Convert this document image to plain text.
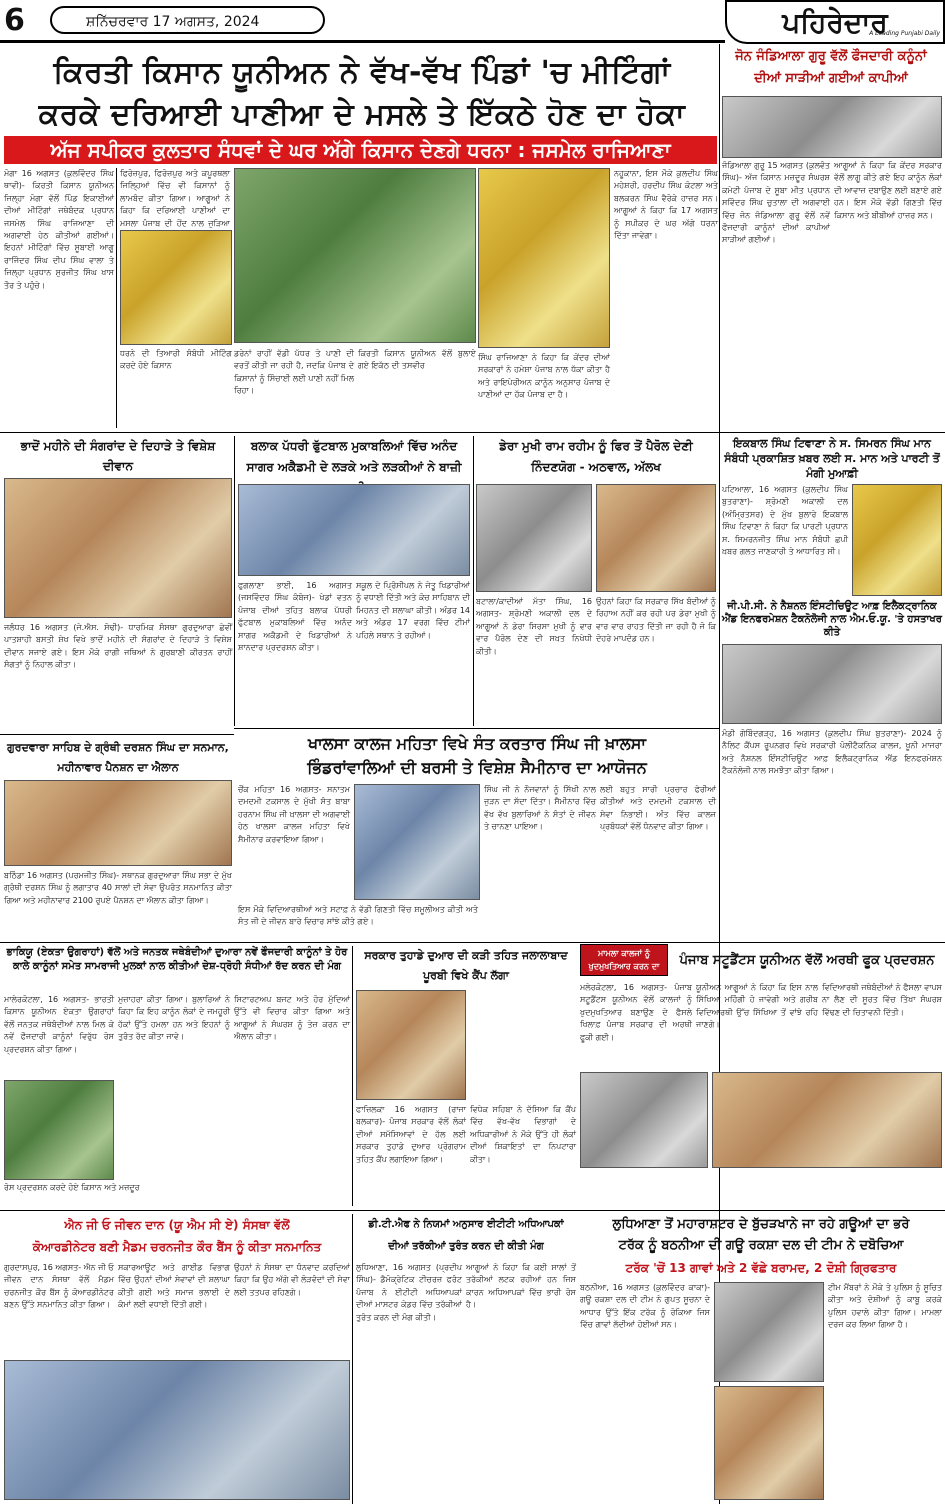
6	ਸ਼ਨਿੱਚਰਵਾਰ 17 ਅਗਸਤ, 2024	ਪਹਿਰੇਦਾਰ
A Leading Punjabi Daily
ਕਿਰਤੀ ਕਿਸਾਨ ਯੂਨੀਅਨ ਨੇ ਵੱਖ-ਵੱਖ ਪਿੰਡਾਂ 'ਚ ਮੀਟਿੰਗਾਂ
ਕਰਕੇ ਦਰਿਆਈ ਪਾਣੀਆ ਦੇ ਮਸਲੇ ਤੇ ਇੱਕਠੇ ਹੋਣ ਦਾ ਹੋਕਾ
ਅੱਜ ਸਪੀਕਰ ਕੁਲਤਾਰ ਸੰਧਵਾਂ ਦੇ ਘਰ ਅੱਗੇ ਕਿਸਾਨ ਦੇਣਗੇ ਧਰਨਾ : ਜਸਮੇਲ ਰਾਜਿਆਣਾ
ਮੋਗਾ 16 ਅਗਸਤ (ਕੁਲਵਿੰਦਰ ਸਿੰਘ ਥਾਵੀ)- ਕਿਰਤੀ ਕਿਸਾਨ ਯੂਨੀਅਨ ਜਿਲ੍ਹਾ ਮੋਗਾ ਵੱਲੋਂ ਪਿੰਡ ਇਕਾਈਆਂ ਦੀਆਂ ਮੀਟਿੰਗਾਂ ਜਥੇਬੰਦਕ ਪ੍ਰਧਾਨ ਜਸਮੇਲ ਸਿੰਘ ਰਾਜਿਆਣਾ ਦੀ ਅਗਵਾਈ ਹੇਠ ਕੀਤੀਆਂ ਗਈਆਂ। ਇਹਨਾਂ ਮੀਟਿੰਗਾਂ ਵਿੱਚ ਸੂਬਾਈ ਆਗੂ ਰਾਜਿੰਦਰ ਸਿੰਘ ਦੀਪ ਸਿੰਘ ਵਾਲਾ ਤੇ ਜਿਲ੍ਹਾ ਪ੍ਰਧਾਨ ਸੁਰਜੀਤ ਸਿੰਘ ਖਾਸ ਤੌਰ ਤੇ ਪਹੁੰਚੇ।
ਫਿਰੋਜ਼ਪੁਰ, ਫਿਰੋਜ਼ਪੁਰ ਅਤੇ ਕਪੂਰਥਲਾ ਜਿਲ੍ਹਿਆਂ ਵਿੱਚ ਵੀ ਕਿਸਾਨਾਂ ਨੂੰ ਲਾਮਬੰਦ ਕੀਤਾ ਗਿਆ। ਆਗੂਆਂ ਨੇ ਕਿਹਾ ਕਿ ਦਰਿਆਈ ਪਾਣੀਆਂ ਦਾ ਮਸਲਾ ਪੰਜਾਬ ਦੀ ਹੋਂਦ ਨਾਲ ਜੁੜਿਆ
ਧਰਨੇ ਦੀ ਤਿਆਰੀ ਸੰਬੰਧੀ ਮੀਟਿੰਗ ਕਰਦੇ ਹੋਏ ਕਿਸਾਨ
ਡਰੇਨਾਂ ਰਾਹੀਂ ਵੱਡੀ ਪੱਧਰ ਤੇ ਪਾਣੀ ਦੀ ਵਰਤੋਂ ਕੀਤੀ ਜਾ ਰਹੀ ਹੈ, ਜਦਕਿ ਪੰਜਾਬ ਦੇ ਕਿਸਾਨਾਂ ਨੂੰ ਸਿੰਚਾਈ ਲਈ ਪਾਣੀ ਨਹੀਂ ਮਿਲ ਰਿਹਾ।
ਕਿਰਤੀ ਕਿਸਾਨ ਯੂਨੀਅਨ ਵੱਲੋਂ ਬੁਲਾਏ ਗਏ ਇਕੱਠ ਦੀ ਤਸਵੀਰ
ਸਿੰਘ ਰਾਜਿਆਣਾ ਨੇ ਕਿਹਾ ਕਿ ਕੇਂਦਰ ਦੀਆਂ ਸਰਕਾਰਾਂ ਨੇ ਹਮੇਸ਼ਾ ਪੰਜਾਬ ਨਾਲ ਧੱਕਾ ਕੀਤਾ ਹੈ ਅਤੇ ਰਾਇਪੇਰੀਅਨ ਕਾਨੂੰਨ ਅਨੁਸਾਰ ਪੰਜਾਬ ਦੇ ਪਾਣੀਆਂ ਦਾ ਹੱਕ ਪੰਜਾਬ ਦਾ ਹੈ।
ਨਹੂਕਾਨਾ, ਇਸ ਮੌਕੇ ਕੁਲਦੀਪ ਸਿੰਘ ਮਹੇਸ਼ਰੀ, ਹਰਦੀਪ ਸਿੰਘ ਕੋਟਲਾ ਅਤੇ ਬਲਕਰਨ ਸਿੰਘ ਵੈਰੋਕੇ ਹਾਜ਼ਰ ਸਨ। ਆਗੂਆਂ ਨੇ ਕਿਹਾ ਕਿ 17 ਅਗਸਤ ਨੂੰ ਸਪੀਕਰ ਦੇ ਘਰ ਅੱਗੇ ਧਰਨਾ ਦਿੱਤਾ ਜਾਵੇਗਾ।
ਜੋਨ ਜੰਡਿਆਲਾ ਗੁਰੂ ਵੱਲੋਂ ਫੌਜਦਾਰੀ ਕਨੂੰਨਾਂ ਦੀਆਂ ਸਾੜੀਆਂ ਗਈਆਂ ਕਾਪੀਆਂ
ਜੰਡਿਆਲਾ ਗੁਰੂ 15 ਅਗਸਤ (ਕੁਲਵੰਤ ਸਿੰਘ)- ਅੱਜ ਕਿਸਾਨ ਮਜ਼ਦੂਰ ਸੰਘਰਸ਼ ਕਮੇਟੀ ਪੰਜਾਬ ਦੇ ਸੂਬਾ ਮੀਤ ਪ੍ਰਧਾਨ ਸਵਿੰਦਰ ਸਿੰਘ ਚੁਤਾਲਾ ਦੀ ਅਗਵਾਈ ਵਿੱਚ ਜੋਨ ਜੰਡਿਆਲਾ ਗੁਰੂ ਵੱਲੋਂ ਨਵੇਂ ਫੌਜਦਾਰੀ ਕਾਨੂੰਨਾਂ ਦੀਆਂ ਕਾਪੀਆਂ ਸਾੜੀਆਂ ਗਈਆਂ।
ਆਗੂਆਂ ਨੇ ਕਿਹਾ ਕਿ ਕੇਂਦਰ ਸਰਕਾਰ ਵੱਲੋਂ ਲਾਗੂ ਕੀਤੇ ਗਏ ਇਹ ਕਾਨੂੰਨ ਲੋਕਾਂ ਦੀ ਆਵਾਜ਼ ਦਬਾਉਣ ਲਈ ਬਣਾਏ ਗਏ ਹਨ। ਇਸ ਮੌਕੇ ਵੱਡੀ ਗਿਣਤੀ ਵਿੱਚ ਕਿਸਾਨ ਅਤੇ ਬੀਬੀਆਂ ਹਾਜ਼ਰ ਸਨ।
ਭਾਦੋਂ ਮਹੀਨੇ ਦੀ ਸੰਗਰਾਂਦ ਦੇ ਦਿਹਾੜੇ ਤੇ ਵਿਸ਼ੇਸ਼ ਦੀਵਾਨ
ਜਲੰਧਰ 16 ਅਗਸਤ (ਜੇ.ਐਸ. ਸੋਢੀ)- ਧਾਰਮਿਕ ਸੰਸਥਾ ਗੁਰਦੁਆਰਾ ਛੇਵੀਂ ਪਾਤਸ਼ਾਹੀ ਬਸਤੀ ਸ਼ੇਖ ਵਿਖੇ ਭਾਦੋਂ ਮਹੀਨੇ ਦੀ ਸੰਗਰਾਂਦ ਦੇ ਦਿਹਾੜੇ ਤੇ ਵਿਸ਼ੇਸ਼ ਦੀਵਾਨ ਸਜਾਏ ਗਏ। ਇਸ ਮੌਕੇ ਰਾਗੀ ਜਥਿਆਂ ਨੇ ਗੁਰਬਾਣੀ ਕੀਰਤਨ ਰਾਹੀਂ ਸੰਗਤਾਂ ਨੂੰ ਨਿਹਾਲ ਕੀਤਾ।
ਬਲਾਕ ਪੱਧਰੀ ਫੁੱਟਬਾਲ ਮੁਕਾਬਲਿਆਂ ਵਿੱਚ ਅਨੰਦ ਸਾਗਰ ਅਕੈਡਮੀ ਦੇ ਲੜਕੇ ਅਤੇ ਲੜਕੀਆਂ ਨੇ ਬਾਜ਼ੀ
ਫੁਗਲਾਣਾ ਭਾਈ, 16 ਅਗਸਤ (ਜਸਵਿੰਦਰ ਸਿੰਘ ਕੰਬੋਜ)- ਖੇਡਾਂ ਵਤਨ ਪੰਜਾਬ ਦੀਆਂ ਤਹਿਤ ਬਲਾਕ ਪੱਧਰੀ ਫੁੱਟਬਾਲ ਮੁਕਾਬਲਿਆਂ ਵਿੱਚ ਅਨੰਦ ਸਾਗਰ ਅਕੈਡਮੀ ਦੇ ਖਿਡਾਰੀਆਂ ਨੇ ਸ਼ਾਨਦਾਰ ਪ੍ਰਦਰਸ਼ਨ ਕੀਤਾ।
ਸਕੂਲ ਦੇ ਪ੍ਰਿੰਸੀਪਲ ਨੇ ਜੇਤੂ ਖਿਡਾਰੀਆਂ ਨੂੰ ਵਧਾਈ ਦਿੱਤੀ ਅਤੇ ਕੋਚ ਸਾਹਿਬਾਨ ਦੀ ਮਿਹਨਤ ਦੀ ਸ਼ਲਾਘਾ ਕੀਤੀ। ਅੰਡਰ 14 ਅਤੇ ਅੰਡਰ 17 ਵਰਗ ਵਿੱਚ ਟੀਮਾਂ ਪਹਿਲੇ ਸਥਾਨ ਤੇ ਰਹੀਆਂ।
ਡੇਰਾ ਮੁਖੀ ਰਾਮ ਰਹੀਮ ਨੂੰ ਫਿਰ ਤੋਂ ਪੈਰੋਲ ਦੇਣੀ ਨਿੰਦਣਯੋਗ - ਅਠਵਾਲ, ਅੱਲਖ
ਬਟਾਲਾ/ਕਾਦੀਆਂ ਮੱਤਾ ਸਿੰਘ, 16 ਅਗਸਤ- ਸ਼੍ਰੋਮਣੀ ਅਕਾਲੀ ਦਲ ਦੇ ਆਗੂਆਂ ਨੇ ਡੇਰਾ ਸਿਰਸਾ ਮੁਖੀ ਨੂੰ ਵਾਰ ਵਾਰ ਪੈਰੋਲ ਦੇਣ ਦੀ ਸਖ਼ਤ ਨਿਖੇਧੀ ਕੀਤੀ।
ਉਹਨਾਂ ਕਿਹਾ ਕਿ ਸਰਕਾਰ ਸਿੱਖ ਬੰਦੀਆਂ ਨੂੰ ਰਿਹਾਅ ਨਹੀਂ ਕਰ ਰਹੀ ਪਰ ਡੇਰਾ ਮੁਖੀ ਨੂੰ ਵਾਰ ਵਾਰ ਰਾਹਤ ਦਿੱਤੀ ਜਾ ਰਹੀ ਹੈ ਜੋ ਕਿ ਦੋਹਰੇ ਮਾਪਦੰਡ ਹਨ।
ਇਕਬਾਲ ਸਿੰਘ ਟਿਵਾਣਾ ਨੇ ਸ. ਸਿਮਰਨ ਸਿੰਘ ਮਾਨ ਸੰਬੰਧੀ ਪ੍ਰਕਾਸ਼ਿਤ ਖ਼ਬਰ ਲਈ ਸ. ਮਾਨ ਅਤੇ ਪਾਰਟੀ ਤੋਂ ਮੰਗੀ ਮੁਆਫ਼ੀ
ਪਟਿਆਲਾ, 16 ਅਗਸਤ (ਕੁਲਦੀਪ ਸਿੰਘ ਬੁਤਰਾਣਾ)- ਸ਼੍ਰੋਮਣੀ ਅਕਾਲੀ ਦਲ (ਅੰਮ੍ਰਿਤਸਰ) ਦੇ ਮੁੱਖ ਬੁਲਾਰੇ ਇਕਬਾਲ ਸਿੰਘ ਟਿਵਾਣਾ ਨੇ ਕਿਹਾ ਕਿ ਪਾਰਟੀ ਪ੍ਰਧਾਨ ਸ. ਸਿਮਰਨਜੀਤ ਸਿੰਘ ਮਾਨ ਸੰਬੰਧੀ ਛਪੀ ਖ਼ਬਰ ਗਲਤ ਜਾਣਕਾਰੀ ਤੇ ਆਧਾਰਿਤ ਸੀ।
ਖਾਲਸਾ ਕਾਲਜ ਮਹਿਤਾ ਵਿਖੇ ਸੰਤ ਕਰਤਾਰ ਸਿੰਘ ਜੀ ਖ਼ਾਲਸਾ
ਭਿੰਡਰਾਂਵਾਲਿਆਂ ਦੀ ਬਰਸੀ ਤੇ ਵਿਸ਼ੇਸ਼ ਸੈਮੀਨਾਰ ਦਾ ਆਯੋਜਨ
ਚੌਂਕ ਮਹਿਤਾ 16 ਅਗਸਤ- ਸਨਾਤਮ ਦਮਦਮੀ ਟਕਸਾਲ ਦੇ ਮੁੱਖੀ ਸੰਤ ਬਾਬਾ ਹਰਨਾਮ ਸਿੰਘ ਜੀ ਖ਼ਾਲਸਾ ਦੀ ਅਗਵਾਈ ਹੇਠ ਖਾਲਸਾ ਕਾਲਜ ਮਹਿਤਾ ਵਿਖੇ ਸੈਮੀਨਾਰ ਕਰਵਾਇਆ ਗਿਆ।
ਸਿੰਘ ਜੀ ਨੇ ਨੌਜਵਾਨਾਂ ਨੂੰ ਸਿੱਖੀ ਨਾਲ ਜੁੜਨ ਦਾ ਸੱਦਾ ਦਿੱਤਾ। ਸੈਮੀਨਾਰ ਵਿੱਚ ਵੱਖ ਵੱਖ ਬੁਲਾਰਿਆਂ ਨੇ ਸੰਤਾਂ ਦੇ ਜੀਵਨ ਤੇ ਚਾਨਣਾ ਪਾਇਆ।
ਲਈ ਬਹੁਤ ਸਾਰੀ ਪ੍ਰਚਾਰ ਫੇਰੀਆਂ ਕੀਤੀਆਂ ਅਤੇ ਦਮਦਮੀ ਟਕਸਾਲ ਦੀ ਸੇਵਾ ਨਿਭਾਈ। ਅੰਤ ਵਿੱਚ ਕਾਲਜ ਪ੍ਰਬੰਧਕਾਂ ਵੱਲੋਂ ਧੰਨਵਾਦ ਕੀਤਾ ਗਿਆ।
ਇਸ ਮੌਕੇ ਵਿਦਿਆਰਥੀਆਂ ਅਤੇ ਸਟਾਫ਼ ਨੇ ਵੱਡੀ ਗਿਣਤੀ ਵਿੱਚ ਸ਼ਮੂਲੀਅਤ ਕੀਤੀ ਅਤੇ ਸੰਤ ਜੀ ਦੇ ਜੀਵਨ ਬਾਰੇ ਵਿਚਾਰ ਸਾਂਝੇ ਕੀਤੇ ਗਏ।
ਜੀ.ਪੀ.ਸੀ. ਨੇ ਨੈਸ਼ਨਲ ਇੰਸਟੀਚਿਊਟ ਆਫ਼ ਇਲੈਕਟ੍ਰਾਨਿਕ ਐਂਡ ਇਨਫਰਮੇਸ਼ਨ ਟੈਕਨੋਲੋਜੀ ਨਾਲ ਐਮ.ਓ.ਯੂ. 'ਤੇ ਹਸਤਾਖਰ ਕੀਤੇ
ਮੰਡੀ ਗੋਬਿੰਦਗੜ੍ਹ, 16 ਅਗਸਤ (ਕੁਲਦੀਪ ਸਿੰਘ ਬੁਤਰਾਣਾ)- 2024 ਨੂੰ ਨੈਲਿਟ ਕੈਂਪਸ ਰੂਪਨਗਰ ਵਿਖੇ ਸਰਕਾਰੀ ਪੋਲੀਟੈਕਨਿਕ ਕਾਲਜ, ਖੂਨੀ ਮਾਜਰਾ ਅਤੇ ਨੈਸ਼ਨਲ ਇੰਸਟੀਚਿਊਟ ਆਫ਼ ਇਲੈਕਟ੍ਰਾਨਿਕ ਐਂਡ ਇਨਫਰਮੇਸ਼ਨ ਟੈਕਨੋਲੋਜੀ ਨਾਲ ਸਮਝੌਤਾ ਕੀਤਾ ਗਿਆ।
ਗੁਰਦਵਾਰਾ ਸਾਹਿਬ ਦੇ ਗ੍ਰੰਥੀ ਦਰਸ਼ਨ ਸਿੰਘ ਦਾ ਸਨਮਾਨ, ਮਹੀਨਾਵਾਰ ਪੈਨਸ਼ਨ ਦਾ ਐਲਾਨ
ਬਠਿੰਡਾ 16 ਅਗਸਤ (ਪਰਮਜੀਤ ਸਿੰਘ)- ਸਥਾਨਕ ਗੁਰਦੁਆਰਾ ਸਿੰਘ ਸਭਾ ਦੇ ਮੁੱਖ ਗ੍ਰੰਥੀ ਦਰਸ਼ਨ ਸਿੰਘ ਨੂੰ ਲਗਾਤਾਰ 40 ਸਾਲਾਂ ਦੀ ਸੇਵਾ ਉਪਰੰਤ ਸਨਮਾਨਿਤ ਕੀਤਾ ਗਿਆ ਅਤੇ ਮਹੀਨਾਵਾਰ 2100 ਰੁਪਏ ਪੈਨਸ਼ਨ ਦਾ ਐਲਾਨ ਕੀਤਾ ਗਿਆ।
ਭਾਕਿਯੂ (ਏਕਤਾ ਉਗਰਾਹਾਂ) ਵੱਲੋਂ ਅਤੇ ਜਨਤਕ ਜਥੇਬੰਦੀਆਂ ਦੁਆਰਾ ਨਵੇਂ ਫੌਜਦਾਰੀ ਕਾਨੂੰਨਾਂ ਤੇ ਹੋਰ ਕਾਲੇ ਕਾਨੂੰਨਾਂ ਸਮੇਤ ਸਾਮਰਾਜੀ ਮੁਲਕਾਂ ਨਾਲ ਕੀਤੀਆਂ ਦੇਸ਼-ਧ੍ਰੋਹੀ ਸੰਧੀਆਂ ਰੱਦ ਕਰਨ ਦੀ ਮੰਗ
ਮਾਲੇਰਕੋਟਲਾ, 16 ਅਗਸਤ- ਭਾਰਤੀ ਕਿਸਾਨ ਯੂਨੀਅਨ ਏਕਤਾ ਉਗਰਾਹਾਂ ਵੱਲੋਂ ਜਨਤਕ ਜਥੇਬੰਦੀਆਂ ਨਾਲ ਮਿਲ ਕੇ ਨਵੇਂ ਫੌਜਦਾਰੀ ਕਾਨੂੰਨਾਂ ਵਿਰੁੱਧ ਰੋਸ ਪ੍ਰਦਰਸ਼ਨ ਕੀਤਾ ਗਿਆ।
ਮੁਜ਼ਾਹਰਾ ਕੀਤਾ ਗਿਆ। ਬੁਲਾਰਿਆਂ ਨੇ ਕਿਹਾ ਕਿ ਇਹ ਕਾਨੂੰਨ ਲੋਕਾਂ ਦੇ ਜਮਹੂਰੀ ਹੱਕਾਂ ਉੱਤੇ ਹਮਲਾ ਹਨ ਅਤੇ ਇਹਨਾਂ ਨੂੰ ਤੁਰੰਤ ਰੱਦ ਕੀਤਾ ਜਾਵੇ।
ਸਿਟਾਰਟਅਪ ਬਜਟ ਅਤੇ ਹੋਰ ਮੁੱਦਿਆਂ ਉੱਤੇ ਵੀ ਵਿਚਾਰ ਕੀਤਾ ਗਿਆ ਅਤੇ ਆਗੂਆਂ ਨੇ ਸੰਘਰਸ਼ ਨੂੰ ਤੇਜ਼ ਕਰਨ ਦਾ ਐਲਾਨ ਕੀਤਾ।
ਰੋਸ ਪ੍ਰਦਰਸ਼ਨ ਕਰਦੇ ਹੋਏ ਕਿਸਾਨ ਅਤੇ ਮਜ਼ਦੂਰ
ਸਰਕਾਰ ਤੁਹਾਡੇ ਦੁਆਰ ਦੀ ਕੜੀ ਤਹਿਤ ਜਲਾਲਾਬਾਦ ਪੂਰਬੀ ਵਿਖੇ ਕੈਂਪ ਲੱਗਾ
ਫਾਜ਼ਿਲਕਾ 16 ਅਗਸਤ (ਰਾਜਾ ਬਲਕਾਰ)- ਪੰਜਾਬ ਸਰਕਾਰ ਵੱਲੋਂ ਲੋਕਾਂ ਦੀਆਂ ਸਮੱਸਿਆਵਾਂ ਦੇ ਹੱਲ ਲਈ ਸਰਕਾਰ ਤੁਹਾਡੇ ਦੁਆਰ ਪ੍ਰੋਗਰਾਮ ਤਹਿਤ ਕੈਂਪ ਲਗਾਇਆ ਗਿਆ।
ਵਿਧੇਕ ਸਹਿਬਾ ਨੇ ਦੱਸਿਆ ਕਿ ਕੈਂਪ ਵਿੱਚ ਵੱਖ-ਵੱਖ ਵਿਭਾਗਾਂ ਦੇ ਅਧਿਕਾਰੀਆਂ ਨੇ ਮੌਕੇ ਉੱਤੇ ਹੀ ਲੋਕਾਂ ਦੀਆਂ ਸ਼ਿਕਾਇਤਾਂ ਦਾ ਨਿਪਟਾਰਾ ਕੀਤਾ।
ਮਾਮਲਾ ਕਾਲਜਾਂ ਨੂੰ ਖੁਦਮੁਖਤਿਆਰ ਕਰਨ ਦਾ	ਪੰਜਾਬ ਸਟੂਡੈਂਟਸ ਯੂਨੀਅਨ ਵੱਲੋਂ ਅਰਥੀ ਫੂਕ ਪ੍ਰਦਰਸ਼ਨ
ਮਲੇਰਕੋਟਲਾ, 16 ਅਗਸਤ- ਪੰਜਾਬ ਸਟੂਡੈਂਟਸ ਯੂਨੀਅਨ ਵੱਲੋਂ ਕਾਲਜਾਂ ਨੂੰ ਖੁਦਮੁਖਤਿਆਰ ਬਣਾਉਣ ਦੇ ਫੈਸਲੇ ਖਿਲਾਫ਼ ਪੰਜਾਬ ਸਰਕਾਰ ਦੀ ਅਰਥੀ ਫੂਕੀ ਗਈ।
ਯੂਨੀਅਨ ਆਗੂਆਂ ਨੇ ਕਿਹਾ ਕਿ ਇਸ ਨਾਲ ਸਿੱਖਿਆ ਮਹਿੰਗੀ ਹੋ ਜਾਵੇਗੀ ਅਤੇ ਗਰੀਬ ਵਿਦਿਆਰਥੀ ਉੱਚ ਸਿੱਖਿਆ ਤੋਂ ਵਾਂਝੇ ਰਹਿ ਜਾਣਗੇ।
ਵਿਦਿਆਰਥੀ ਜਥੇਬੰਦੀਆਂ ਨੇ ਫੈਸਲਾ ਵਾਪਸ ਨਾ ਲੈਣ ਦੀ ਸੂਰਤ ਵਿੱਚ ਤਿੱਖਾ ਸੰਘਰਸ਼ ਵਿੱਢਣ ਦੀ ਚਿਤਾਵਨੀ ਦਿੱਤੀ।
ਐਨ ਜੀ ਓ ਜੀਵਨ ਦਾਨ (ਯੂ ਐਮ ਸੀ ਏ) ਸੰਸਥਾ ਵੱਲੋਂ
ਕੋਆਰਡੀਨੇਟਰ ਬਣੀ ਮੈਡਮ ਚਰਨਜੀਤ ਕੌਰ ਬੈਂਸ ਨੂੰ ਕੀਤਾ ਸਨਮਾਨਿਤ
ਗੁਰਦਾਸਪੁਰ, 16 ਅਗਸਤ- ਐਨ ਜੀ ਓ ਜੀਵਨ ਦਾਨ ਸੰਸਥਾ ਵੱਲੋਂ ਮੈਡਮ ਚਰਨਜੀਤ ਕੌਰ ਬੈਂਸ ਨੂੰ ਕੋਆਰਡੀਨੇਟਰ ਬਣਨ ਉੱਤੇ ਸਨਮਾਨਿਤ ਕੀਤਾ ਗਿਆ।
ਸਕਾਰਆਊਟ ਅਤੇ ਗਾਈਡ ਵਿਭਾਗ ਵਿੱਚ ਉਹਨਾਂ ਦੀਆਂ ਸੇਵਾਵਾਂ ਦੀ ਸ਼ਲਾਘਾ ਕੀਤੀ ਗਈ ਅਤੇ ਸਮਾਜ ਭਲਾਈ ਦੇ ਕੰਮਾਂ ਲਈ ਵਧਾਈ ਦਿੱਤੀ ਗਈ।
ਉਹਨਾਂ ਨੇ ਸੰਸਥਾ ਦਾ ਧੰਨਵਾਦ ਕਰਦਿਆਂ ਕਿਹਾ ਕਿ ਉਹ ਅੱਗੇ ਵੀ ਲੋੜਵੰਦਾਂ ਦੀ ਸੇਵਾ ਲਈ ਤਤਪਰ ਰਹਿਣਗੇ।
ਡੀ.ਟੀ.ਐਫ ਨੇ ਨਿਯਮਾਂ ਅਨੁਸਾਰ ਈਟੀਟੀ ਅਧਿਆਪਕਾਂ
ਦੀਆਂ ਤਰੱਕੀਆਂ ਤੁਰੰਤ ਕਰਨ ਦੀ ਕੀਤੀ ਮੰਗ
ਲੁਧਿਆਣਾ, 16 ਅਗਸਤ (ਪ੍ਰਦੀਪ ਸਿੰਘ)- ਡੈਮੋਕ੍ਰੇਟਿਕ ਟੀਚਰਜ਼ ਫਰੰਟ ਪੰਜਾਬ ਨੇ ਈਟੀਟੀ ਅਧਿਆਪਕਾਂ ਦੀਆਂ ਮਾਸਟਰ ਕੇਡਰ ਵਿੱਚ ਤਰੱਕੀਆਂ ਤੁਰੰਤ ਕਰਨ ਦੀ ਮੰਗ ਕੀਤੀ।
ਆਗੂਆਂ ਨੇ ਕਿਹਾ ਕਿ ਕਈ ਸਾਲਾਂ ਤੋਂ ਤਰੱਕੀਆਂ ਲਟਕ ਰਹੀਆਂ ਹਨ ਜਿਸ ਕਾਰਨ ਅਧਿਆਪਕਾਂ ਵਿੱਚ ਭਾਰੀ ਰੋਸ ਹੈ।
ਲੁਧਿਆਣਾ ਤੋਂ ਮਹਾਰਾਸ਼ਟਰ ਦੇ ਬੁੱਚੜਖਾਨੇ ਜਾ ਰਹੇ ਗਊਆਂ ਦਾ ਭਰੇ
ਟਰੱਕ ਨੂੰ ਬਠਨੀਆ ਦੀ ਗਊ ਰਕਸ਼ਾ ਦਲ ਦੀ ਟੀਮ ਨੇ ਦਬੋਚਿਆ
ਟਰੱਕ 'ਚੋਂ 13 ਗਾਵਾਂ ਅਤੇ 2 ਵੱਛੇ ਬਰਾਮਦ, 2 ਦੋਸ਼ੀ ਗ੍ਰਿਫਤਾਰ
ਬਠਨੀਆ, 16 ਅਗਸਤ (ਕੁਲਵਿੰਦਰ ਕਾਕਾ)- ਗਊ ਰਕਸ਼ਾ ਦਲ ਦੀ ਟੀਮ ਨੇ ਗੁਪਤ ਸੂਚਨਾ ਦੇ ਆਧਾਰ ਉੱਤੇ ਇੱਕ ਟਰੱਕ ਨੂੰ ਰੋਕਿਆ ਜਿਸ ਵਿੱਚ ਗਾਵਾਂ ਲੱਦੀਆਂ ਹੋਈਆਂ ਸਨ।
ਟੀਮ ਮੈਂਬਰਾਂ ਨੇ ਮੌਕੇ ਤੇ ਪੁਲਿਸ ਨੂੰ ਸੂਚਿਤ ਕੀਤਾ ਅਤੇ ਦੋਸ਼ੀਆਂ ਨੂੰ ਕਾਬੂ ਕਰਕੇ ਪੁਲਿਸ ਹਵਾਲੇ ਕੀਤਾ ਗਿਆ। ਮਾਮਲਾ ਦਰਜ ਕਰ ਲਿਆ ਗਿਆ ਹੈ।
